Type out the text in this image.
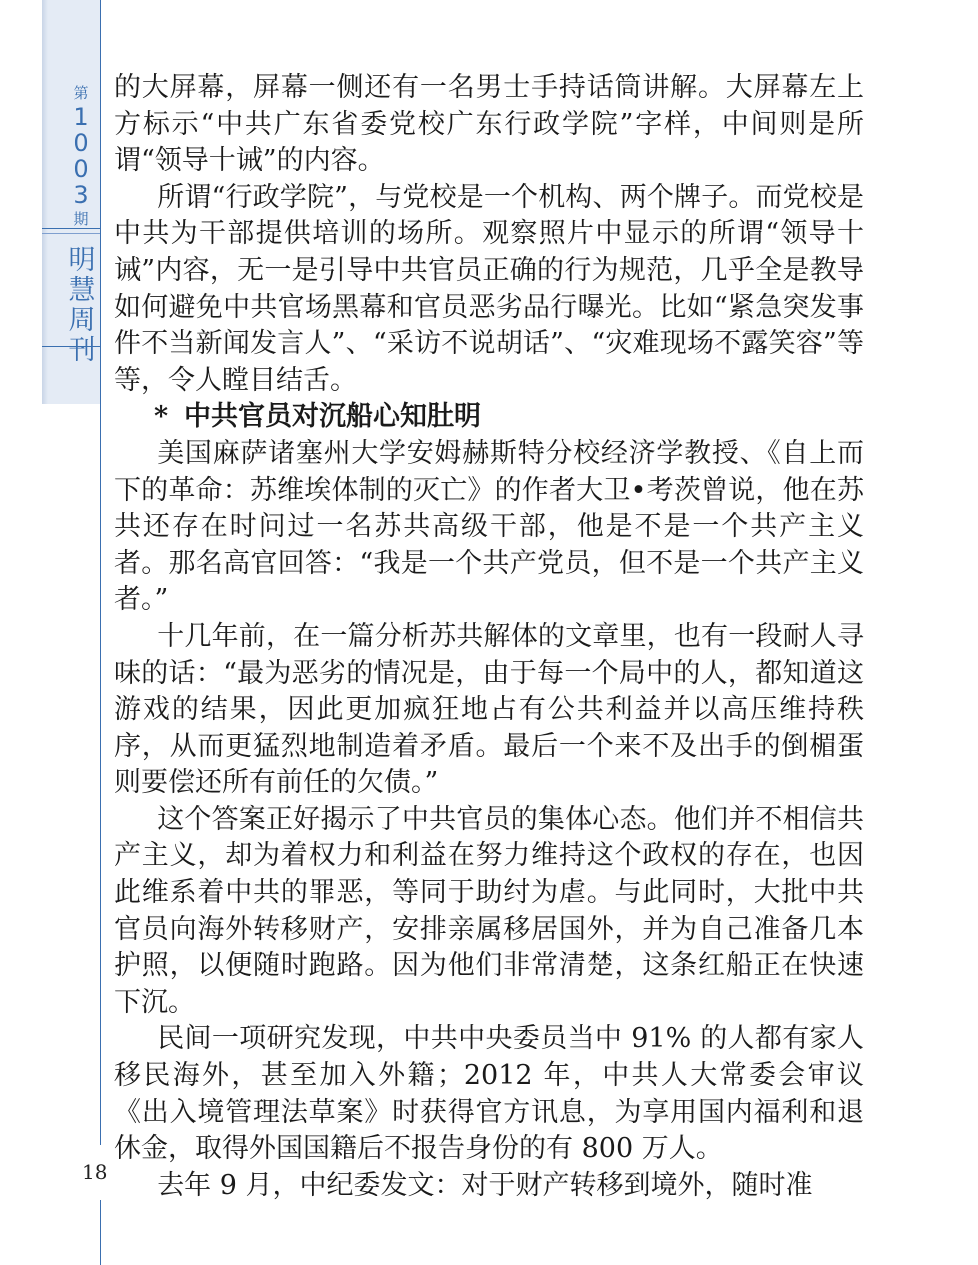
第
1
0
0
3
期
明
慧
周
刊
18

的大屏幕，屏幕一侧还有一名男士手持话筒讲解。大屏幕左上方标示“中共广东省委党校广东行政学院”字样，中间则是所谓“领导十诫”的内容。

所谓“行政学院”，与党校是一个机构、两个牌子。而党校是中共为干部提供培训的场所。观察照片中显示的所谓“领导十诫”内容，无一是引导中共官员正确的行为规范，几乎全是教导如何避免中共官场黑幕和官员恶劣品行曝光。比如“紧急突发事件不当新闻发言人”、“采访不说胡话”、“灾难现场不露笑容”等等，令人瞠目结舌。

* 中共官员对沉船心知肚明

美国麻萨诸塞州大学安姆赫斯特分校经济学教授、《自上而下的革命：苏维埃体制的灭亡》的作者大卫•考茨曾说，他在苏共还存在时问过一名苏共高级干部，他是不是一个共产主义者。那名高官回答：“我是一个共产党员，但不是一个共产主义者。”

十几年前，在一篇分析苏共解体的文章里，也有一段耐人寻味的话：“最为恶劣的情况是，由于每一个局中的人，都知道这游戏的结果，因此更加疯狂地占有公共利益并以高压维持秩序，从而更猛烈地制造着矛盾。最后一个来不及出手的倒楣蛋则要偿还所有前任的欠债。”

这个答案正好揭示了中共官员的集体心态。他们并不相信共产主义，却为着权力和利益在努力维持这个政权的存在，也因此维系着中共的罪恶，等同于助纣为虐。与此同时，大批中共官员向海外转移财产，安排亲属移居国外，并为自己准备几本护照，以便随时跑路。因为他们非常清楚，这条红船正在快速下沉。

民间一项研究发现，中共中央委员当中 91% 的人都有家人移民海外，甚至加入外籍；2012 年，中共人大常委会审议《出入境管理法草案》时获得官方讯息，为享用国内福利和退休金，取得外国国籍后不报告身份的有 800 万人。

去年 9 月，中纪委发文：对于财产转移到境外，随时准
